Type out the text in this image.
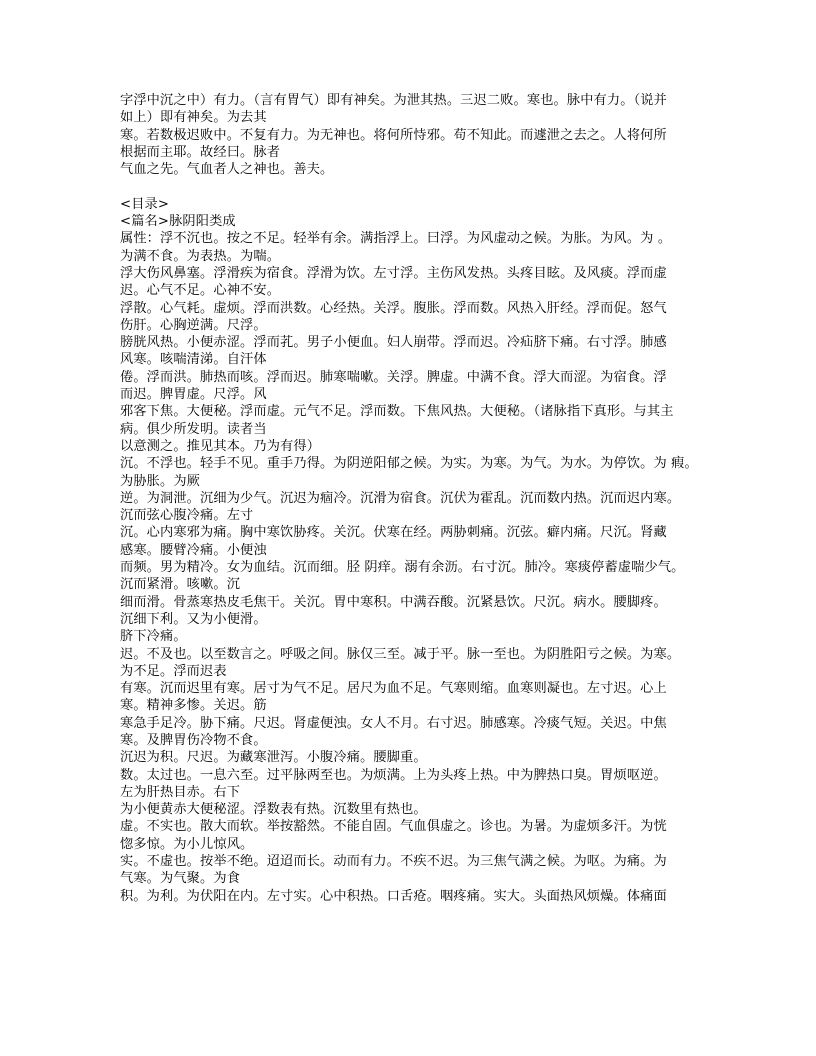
字浮中沉之中）有力。（言有胃气）即有神矣。为泄其热。三迟二败。寒也。脉中有力。（说并
如上）即有神矣。为去其
寒。若数极迟败中。不复有力。为无神也。将何所恃邪。苟不知此。而遽泄之去之。人将何所
根据而主耶。故经曰。脉者
气血之先。气血者人之神也。善夫。
<目录>
<篇名>脉阴阳类成
属性：浮不沉也。按之不足。轻举有余。满指浮上。曰浮。为风虚动之候。为胀。为风。为 。
为满不食。为表热。为喘。
浮大伤风鼻塞。浮滑疾为宿食。浮滑为饮。左寸浮。主伤风发热。头疼目眩。及风痰。浮而虚
迟。心气不足。心神不安。
浮散。心气耗。虚烦。浮而洪数。心经热。关浮。腹胀。浮而数。风热入肝经。浮而促。怒气
伤肝。心胸逆满。尺浮。
膀胱风热。小便赤涩。浮而芤。男子小便血。妇人崩带。浮而迟。冷疝脐下痛。右寸浮。肺感
风寒。咳喘清涕。自汗体
倦。浮而洪。肺热而咳。浮而迟。肺寒喘嗽。关浮。脾虚。中满不食。浮大而涩。为宿食。浮
而迟。脾胃虚。尺浮。风
邪客下焦。大便秘。浮而虚。元气不足。浮而数。下焦风热。大便秘。（诸脉指下真形。与其主
病。俱少所发明。读者当
以意测之。推见其本。乃为有得）
沉。不浮也。轻手不见。重手乃得。为阴逆阳郁之候。为实。为寒。为气。为水。为停饮。为 瘕。
为胁胀。为厥
逆。为洞泄。沉细为少气。沉迟为痼冷。沉滑为宿食。沉伏为霍乱。沉而数内热。沉而迟内寒。
沉而弦心腹冷痛。左寸
沉。心内寒邪为痛。胸中寒饮胁疼。关沉。伏寒在经。两胁刺痛。沉弦。癖内痛。尺沉。肾藏
感寒。腰臂冷痛。小便浊
而频。男为精冷。女为血结。沉而细。胫 阴痒。溺有余沥。右寸沉。肺冷。寒痰停蓄虚喘少气。
沉而紧滑。咳嗽。沉
细而滑。骨蒸寒热皮毛焦干。关沉。胃中寒积。中满吞酸。沉紧悬饮。尺沉。病水。腰脚疼。
沉细下利。又为小便滑。
脐下冷痛。
迟。不及也。以至数言之。呼吸之间。脉仅三至。减于平。脉一至也。为阴胜阳亏之候。为寒。
为不足。浮而迟表
有寒。沉而迟里有寒。居寸为气不足。居尺为血不足。气寒则缩。血寒则凝也。左寸迟。心上
寒。精神多惨。关迟。筋
寒急手足冷。胁下痛。尺迟。肾虚便浊。女人不月。右寸迟。肺感寒。冷痰气短。关迟。中焦
寒。及脾胃伤冷物不食。
沉迟为积。尺迟。为藏寒泄泻。小腹冷痛。腰脚重。
数。太过也。一息六至。过平脉两至也。为烦满。上为头疼上热。中为脾热口臭。胃烦呕逆。
左为肝热目赤。右下
为小便黄赤大便秘涩。浮数表有热。沉数里有热也。
虚。不实也。散大而软。举按豁然。不能自固。气血俱虚之。诊也。为暑。为虚烦多汗。为恍
惚多惊。为小儿惊风。
实。不虚也。按举不绝。迢迢而长。动而有力。不疾不迟。为三焦气满之候。为呕。为痛。为
气寒。为气聚。为食
积。为利。为伏阳在内。左寸实。心中积热。口舌疮。咽疼痛。实大。头面热风烦燥。体痛面
